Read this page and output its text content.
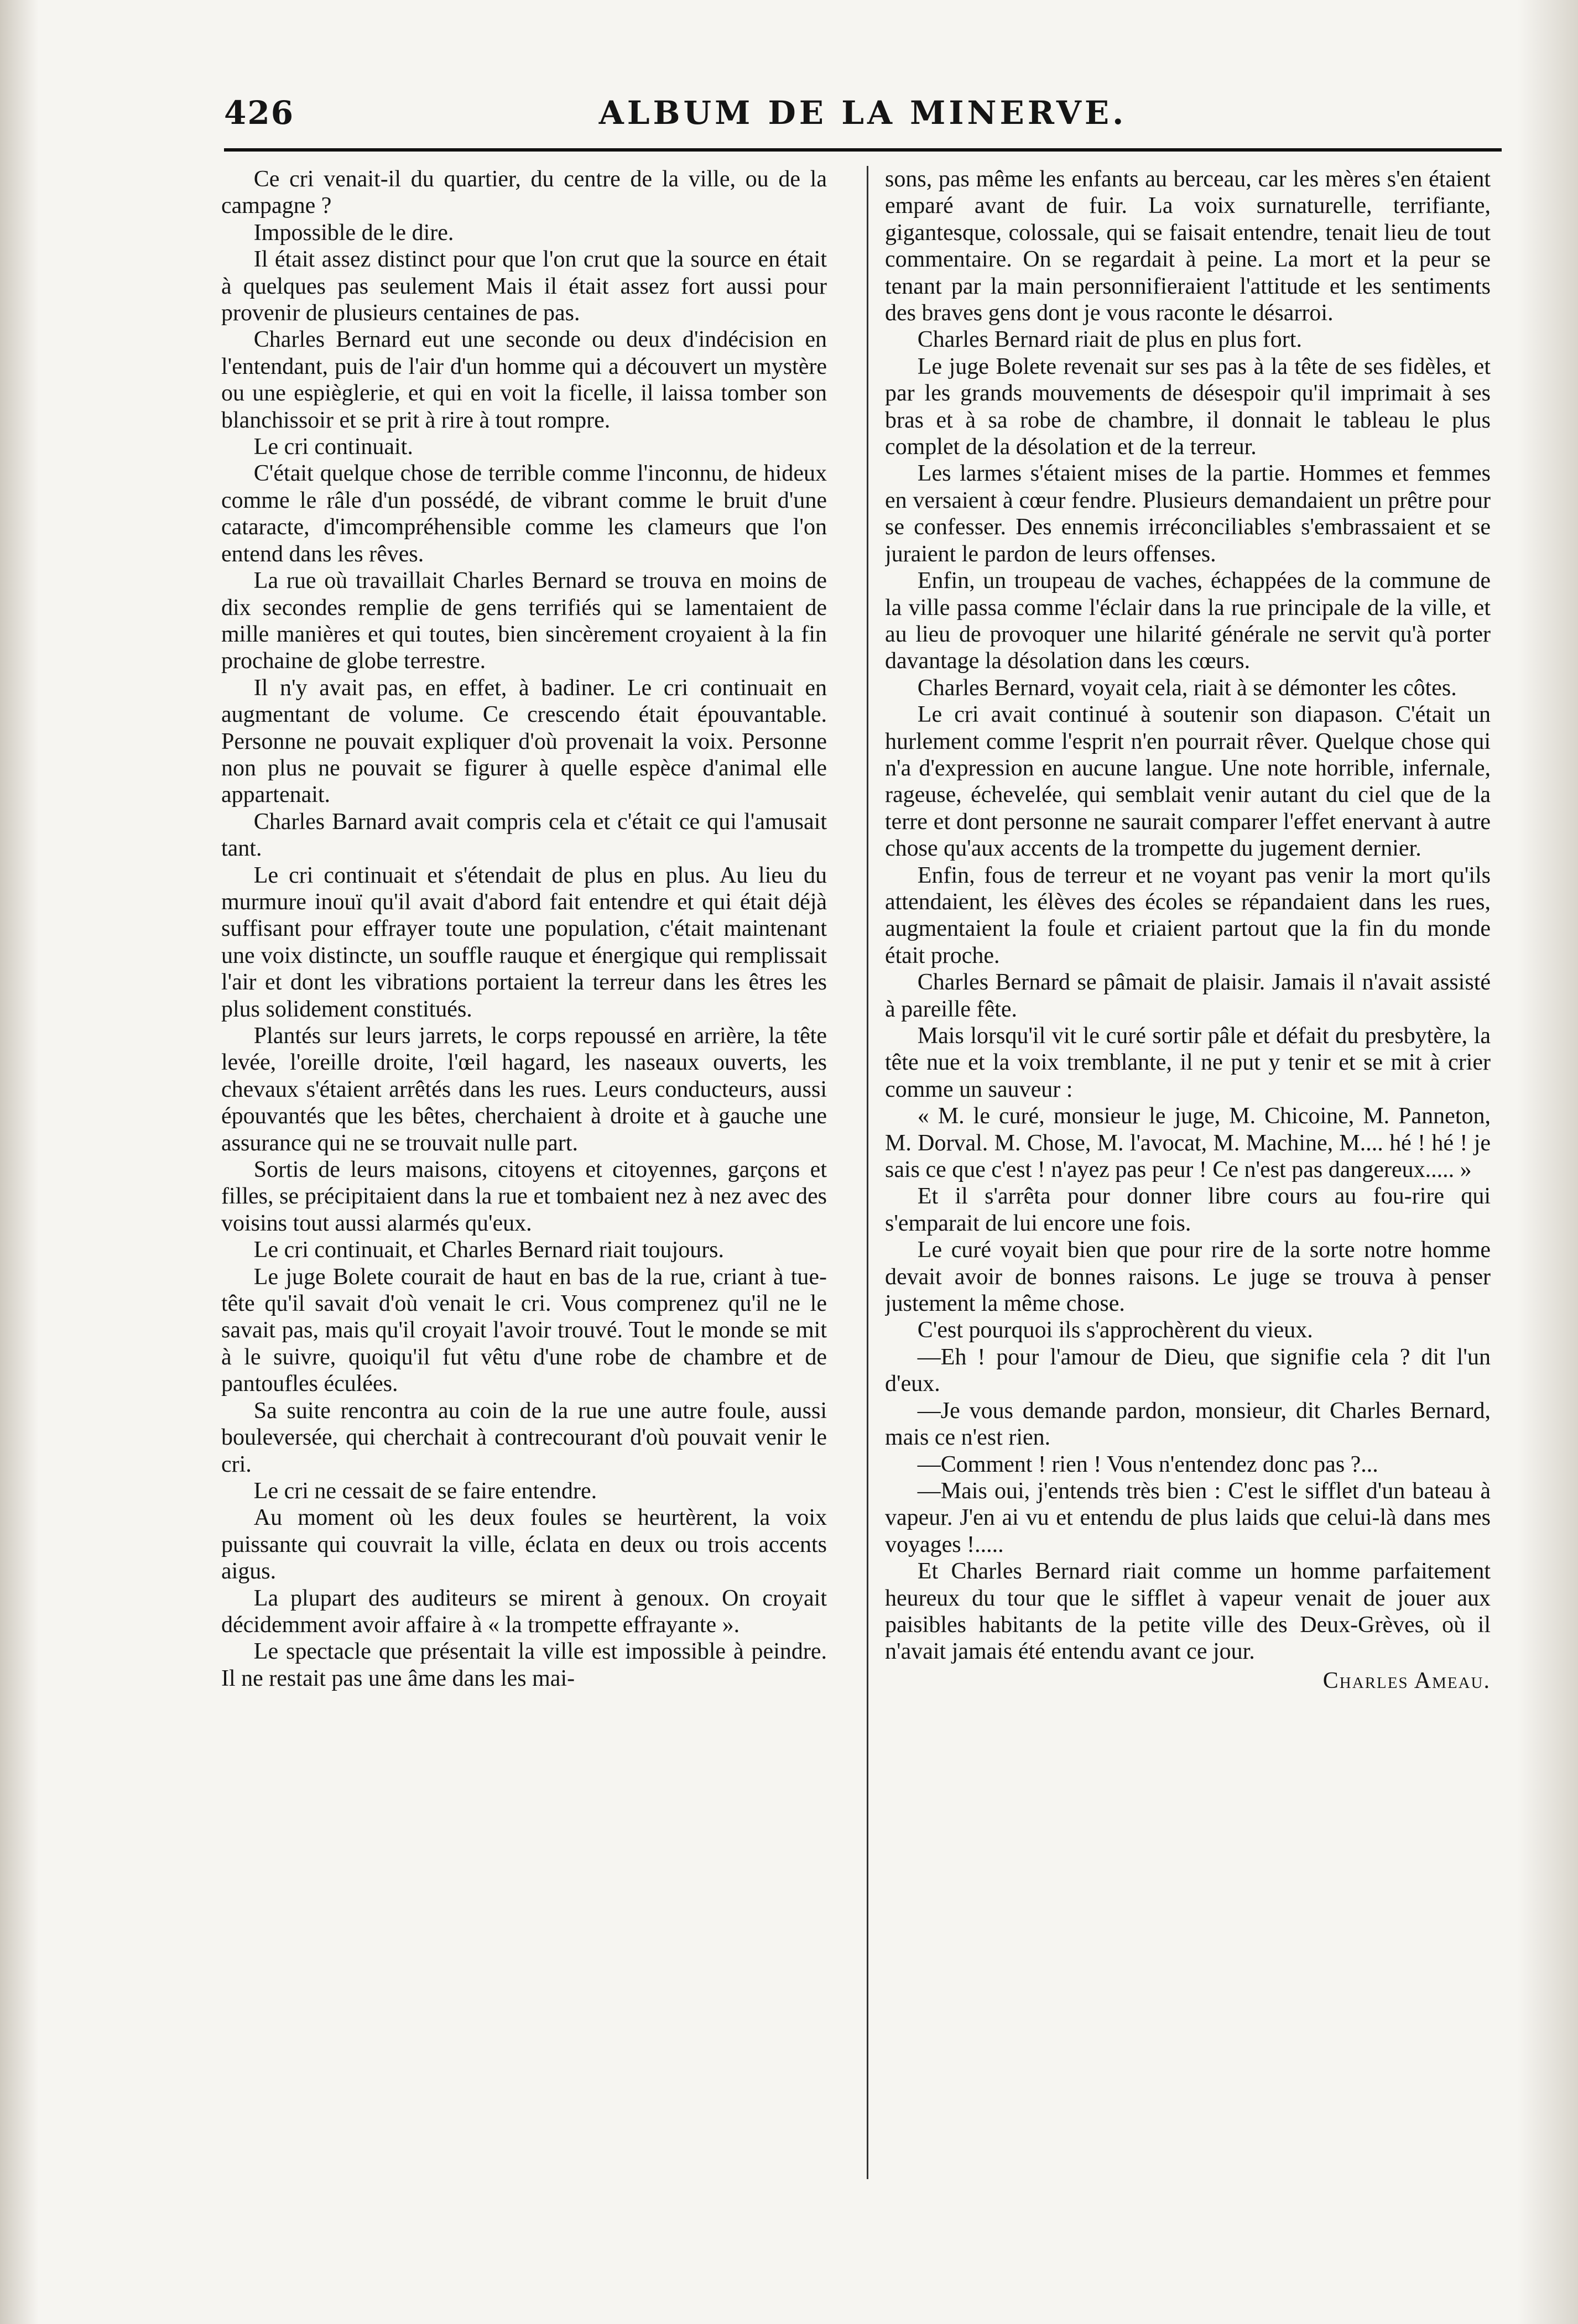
426	ALBUM DE LA MINERVE.

Ce cri venait-il du quartier, du centre de la ville, ou de la campagne ?

Impossible de le dire.

Il était assez distinct pour que l'on crut que la source en était à quelques pas seulement Mais il était assez fort aussi pour provenir de plusieurs centaines de pas.

Charles Bernard eut une seconde ou deux d'indécision en l'entendant, puis de l'air d'un homme qui a découvert un mystère ou une espièglerie, et qui en voit la ficelle, il laissa tomber son blanchissoir et se prit à rire à tout rompre.

Le cri continuait.

C'était quelque chose de terrible comme l'inconnu, de hideux comme le râle d'un possédé, de vibrant comme le bruit d'une cataracte, d'imcompréhensible comme les clameurs que l'on entend dans les rêves.

La rue où travaillait Charles Bernard se trouva en moins de dix secondes remplie de gens terrifiés qui se lamentaient de mille manières et qui toutes, bien sincèrement croyaient à la fin prochaine de globe terrestre.

Il n'y avait pas, en effet, à badiner. Le cri continuait en augmentant de volume. Ce crescendo était épouvantable. Personne ne pouvait expliquer d'où provenait la voix. Personne non plus ne pouvait se figurer à quelle espèce d'animal elle appartenait.

Charles Barnard avait compris cela et c'était ce qui l'amusait tant.

Le cri continuait et s'étendait de plus en plus. Au lieu du murmure inouï qu'il avait d'abord fait entendre et qui était déjà suffisant pour effrayer toute une population, c'était maintenant une voix distincte, un souffle rauque et énergique qui remplissait l'air et dont les vibrations portaient la terreur dans les êtres les plus solidement constitués.

Plantés sur leurs jarrets, le corps repoussé en arrière, la tête levée, l'oreille droite, l'œil hagard, les naseaux ouverts, les chevaux s'étaient arrêtés dans les rues. Leurs conducteurs, aussi épouvantés que les bêtes, cherchaient à droite et à gauche une assurance qui ne se trouvait nulle part.

Sortis de leurs maisons, citoyens et citoyennes, garçons et filles, se précipitaient dans la rue et tombaient nez à nez avec des voisins tout aussi alarmés qu'eux.

Le cri continuait, et Charles Bernard riait toujours.

Le juge Bolete courait de haut en bas de la rue, criant à tue-tête qu'il savait d'où venait le cri. Vous comprenez qu'il ne le savait pas, mais qu'il croyait l'avoir trouvé. Tout le monde se mit à le suivre, quoiqu'il fut vêtu d'une robe de chambre et de pantoufles éculées.

Sa suite rencontra au coin de la rue une autre foule, aussi bouleversée, qui cherchait à contrecourant d'où pouvait venir le cri.

Le cri ne cessait de se faire entendre.

Au moment où les deux foules se heurtèrent, la voix puissante qui couvrait la ville, éclata en deux ou trois accents aigus.

La plupart des auditeurs se mirent à genoux. On croyait décidemment avoir affaire à « la trompette effrayante ».

Le spectacle que présentait la ville est impossible à peindre. Il ne restait pas une âme dans les mai-

sons, pas même les enfants au berceau, car les mères s'en étaient emparé avant de fuir. La voix surnaturelle, terrifiante, gigantesque, colossale, qui se faisait entendre, tenait lieu de tout commentaire. On se regardait à peine. La mort et la peur se tenant par la main personnifieraient l'attitude et les sentiments des braves gens dont je vous raconte le désarroi.

Charles Bernard riait de plus en plus fort.

Le juge Bolete revenait sur ses pas à la tête de ses fidèles, et par les grands mouvements de désespoir qu'il imprimait à ses bras et à sa robe de chambre, il donnait le tableau le plus complet de la désolation et de la terreur.

Les larmes s'étaient mises de la partie. Hommes et femmes en versaient à cœur fendre. Plusieurs demandaient un prêtre pour se confesser. Des ennemis irréconciliables s'embrassaient et se juraient le pardon de leurs offenses.

Enfin, un troupeau de vaches, échappées de la commune de la ville passa comme l'éclair dans la rue principale de la ville, et au lieu de provoquer une hilarité générale ne servit qu'à porter davantage la désolation dans les cœurs.

Charles Bernard, voyait cela, riait à se démonter les côtes.

Le cri avait continué à soutenir son diapason. C'était un hurlement comme l'esprit n'en pourrait rêver. Quelque chose qui n'a d'expression en aucune langue. Une note horrible, infernale, rageuse, échevelée, qui semblait venir autant du ciel que de la terre et dont personne ne saurait comparer l'effet enervant à autre chose qu'aux accents de la trompette du jugement dernier.

Enfin, fous de terreur et ne voyant pas venir la mort qu'ils attendaient, les élèves des écoles se répandaient dans les rues, augmentaient la foule et criaient partout que la fin du monde était proche.

Charles Bernard se pâmait de plaisir. Jamais il n'avait assisté à pareille fête.

Mais lorsqu'il vit le curé sortir pâle et défait du presbytère, la tête nue et la voix tremblante, il ne put y tenir et se mit à crier comme un sauveur :

« M. le curé, monsieur le juge, M. Chicoine, M. Panneton, M. Dorval. M. Chose, M. l'avocat, M. Machine, M.... hé ! hé ! je sais ce que c'est ! n'ayez pas peur ! Ce n'est pas dangereux..... »

Et il s'arrêta pour donner libre cours au fou-rire qui s'emparait de lui encore une fois.

Le curé voyait bien que pour rire de la sorte notre homme devait avoir de bonnes raisons. Le juge se trouva à penser justement la même chose.

C'est pourquoi ils s'approchèrent du vieux.

—Eh ! pour l'amour de Dieu, que signifie cela ? dit l'un d'eux.

—Je vous demande pardon, monsieur, dit Charles Bernard, mais ce n'est rien.

—Comment ! rien ! Vous n'entendez donc pas ?...

—Mais oui, j'entends très bien : C'est le sifflet d'un bateau à vapeur. J'en ai vu et entendu de plus laids que celui-là dans mes voyages !.....

Et Charles Bernard riait comme un homme parfaitement heureux du tour que le sifflet à vapeur venait de jouer aux paisibles habitants de la petite ville des Deux-Grèves, où il n'avait jamais été entendu avant ce jour.

Charles Ameau.
